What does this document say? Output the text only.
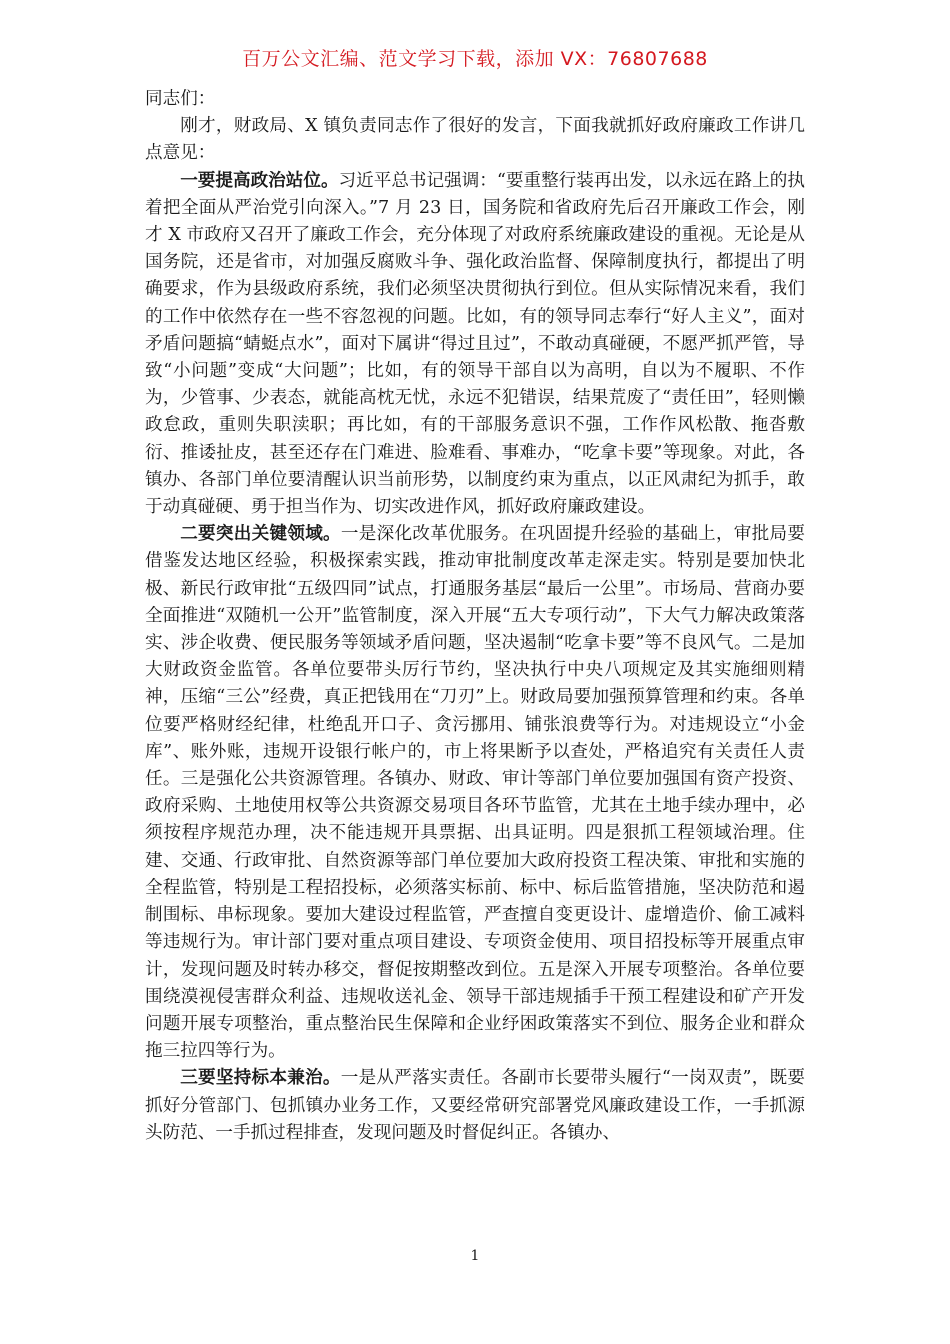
百万公文汇编、范文学习下载，添加 VX：76807688

同志们：

刚才，财政局、X 镇负责同志作了很好的发言，下面我就抓好政府廉政工作讲几点意见：

一要提高政治站位。习近平总书记强调：“要重整行装再出发，以永远在路上的执着把全面从严治党引向深入。”7 月 23 日，国务院和省政府先后召开廉政工作会，刚才 X 市政府又召开了廉政工作会，充分体现了对政府系统廉政建设的重视。无论是从国务院，还是省市，对加强反腐败斗争、强化政治监督、保障制度执行，都提出了明确要求，作为县级政府系统，我们必须坚决贯彻执行到位。但从实际情况来看，我们的工作中依然存在一些不容忽视的问题。比如，有的领导同志奉行“好人主义”，面对矛盾问题搞“蜻蜓点水”，面对下属讲“得过且过”，不敢动真碰硬，不愿严抓严管，导致“小问题”变成“大问题”；比如，有的领导干部自以为高明，自以为不履职、不作为，少管事、少表态，就能高枕无忧，永远不犯错误，结果荒废了“责任田”，轻则懒政怠政，重则失职渎职；再比如，有的干部服务意识不强，工作作风松散、拖沓敷衍、推诿扯皮，甚至还存在门难进、脸难看、事难办，“吃拿卡要”等现象。对此，各镇办、各部门单位要清醒认识当前形势，以制度约束为重点，以正风肃纪为抓手，敢于动真碰硬、勇于担当作为、切实改进作风，抓好政府廉政建设。

二要突出关键领域。一是深化改革优服务。在巩固提升经验的基础上，审批局要借鉴发达地区经验，积极探索实践，推动审批制度改革走深走实。特别是要加快北极、新民行政审批“五级四同”试点，打通服务基层“最后一公里”。市场局、营商办要全面推进“双随机一公开”监管制度，深入开展“五大专项行动”，下大气力解决政策落实、涉企收费、便民服务等领域矛盾问题，坚决遏制“吃拿卡要”等不良风气。二是加大财政资金监管。各单位要带头厉行节约，坚决执行中央八项规定及其实施细则精神，压缩“三公”经费，真正把钱用在“刀刃”上。财政局要加强预算管理和约束。各单位要严格财经纪律，杜绝乱开口子、贪污挪用、铺张浪费等行为。对违规设立“小金库”、账外账，违规开设银行帐户的，市上将果断予以查处，严格追究有关责任人责任。三是强化公共资源管理。各镇办、财政、审计等部门单位要加强国有资产投资、政府采购、土地使用权等公共资源交易项目各环节监管，尤其在土地手续办理中，必须按程序规范办理，决不能违规开具票据、出具证明。四是狠抓工程领域治理。住建、交通、行政审批、自然资源等部门单位要加大政府投资工程决策、审批和实施的全程监管，特别是工程招投标，必须落实标前、标中、标后监管措施，坚决防范和遏制围标、串标现象。要加大建设过程监管，严查擅自变更设计、虚增造价、偷工减料等违规行为。审计部门要对重点项目建设、专项资金使用、项目招投标等开展重点审计，发现问题及时转办移交，督促按期整改到位。五是深入开展专项整治。各单位要围绕漠视侵害群众利益、违规收送礼金、领导干部违规插手干预工程建设和矿产开发问题开展专项整治，重点整治民生保障和企业纾困政策落实不到位、服务企业和群众拖三拉四等行为。

三要坚持标本兼治。一是从严落实责任。各副市长要带头履行“一岗双责”，既要抓好分管部门、包抓镇办业务工作，又要经常研究部署党风廉政建设工作，一手抓源头防范、一手抓过程排查，发现问题及时督促纠正。各镇办、

1
